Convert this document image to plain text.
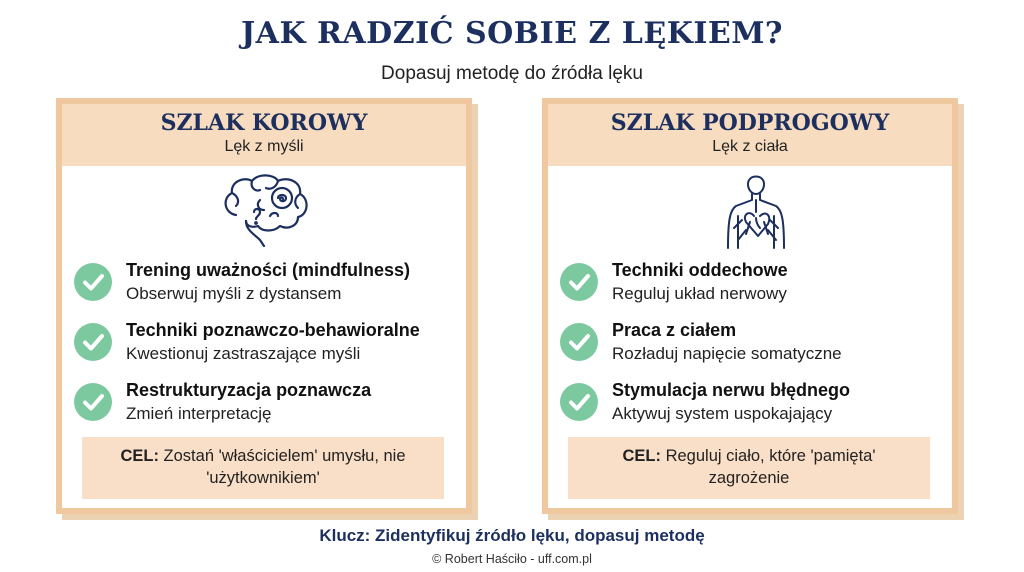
JAK RADZIĆ SOBIE Z LĘKIEM?
Dopasuj metodę do źródła lęku
SZLAK KOROWY
Lęk z myśli
Trening uważności (mindfulness)
Obserwuj myśli z dystansem
Techniki poznawczo-behawioralne
Kwestionuj zastraszające myśli
Restrukturyzacja poznawcza
Zmień interpretację
CEL: Zostań 'właścicielem' umysłu, nie 'użytkownikiem'
SZLAK PODPROGOWY
Lęk z ciała
Techniki oddechowe
Reguluj układ nerwowy
Praca z ciałem
Rozładuj napięcie somatyczne
Stymulacja nerwu błędnego
Aktywuj system uspokajający
CEL: Reguluj ciało, które 'pamięta' zagrożenie
Klucz: Zidentyfikuj źródło lęku, dopasuj metodę
© Robert Haściło - uff.com.pl
